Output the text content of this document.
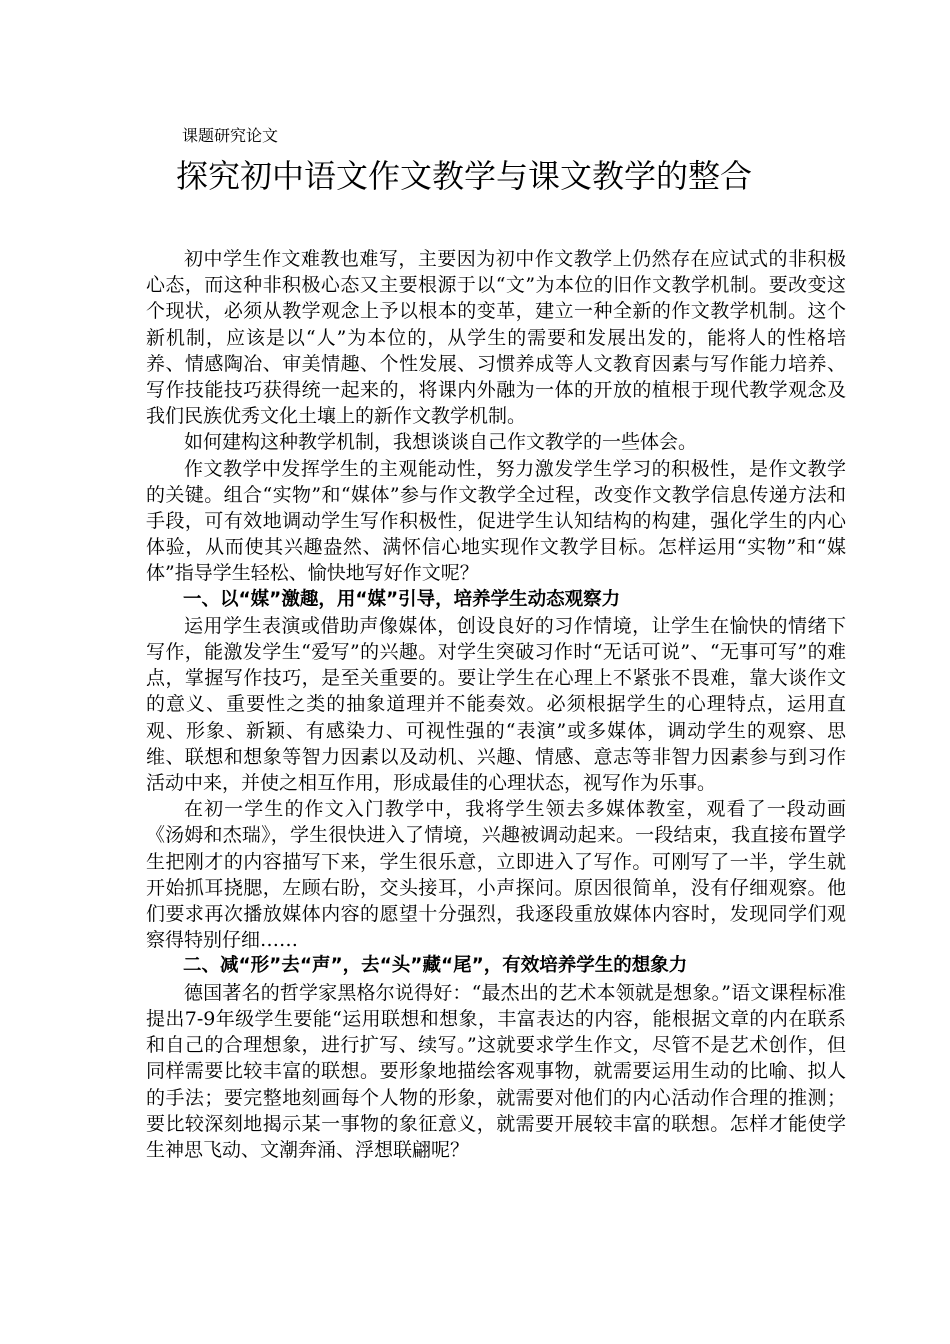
课题研究论文
探究初中语文作文教学与课文教学的整合

初中学生作文难教也难写，主要因为初中作文教学上仍然存在应试式的非积极心态，而这种非积极心态又主要根源于以“文”为本位的旧作文教学机制。要改变这个现状，必须从教学观念上予以根本的变革，建立一种全新的作文教学机制。这个新机制，应该是以“人”为本位的，从学生的需要和发展出发的，能将人的性格培养、情感陶冶、审美情趣、个性发展、习惯养成等人文教育因素与写作能力培养、写作技能技巧获得统一起来的，将课内外融为一体的开放的植根于现代教学观念及我们民族优秀文化土壤上的新作文教学机制。

如何建构这种教学机制，我想谈谈自己作文教学的一些体会。

作文教学中发挥学生的主观能动性，努力激发学生学习的积极性，是作文教学的关键。组合“实物”和“媒体”参与作文教学全过程，改变作文教学信息传递方法和手段，可有效地调动学生写作积极性，促进学生认知结构的构建，强化学生的内心体验，从而使其兴趣盎然、满怀信心地实现作文教学目标。怎样运用“实物”和“媒体”指导学生轻松、愉快地写好作文呢？

一、以“媒”激趣，用“媒”引导，培养学生动态观察力

运用学生表演或借助声像媒体，创设良好的习作情境，让学生在愉快的情绪下写作，能激发学生“爱写”的兴趣。对学生突破习作时“无话可说”、“无事可写”的难点，掌握写作技巧，是至关重要的。要让学生在心理上不紧张不畏难，靠大谈作文的意义、重要性之类的抽象道理并不能奏效。必须根据学生的心理特点，运用直观、形象、新颖、有感染力、可视性强的“表演”或多媒体，调动学生的观察、思维、联想和想象等智力因素以及动机、兴趣、情感、意志等非智力因素参与到习作活动中来，并使之相互作用，形成最佳的心理状态，视写作为乐事。

在初一学生的作文入门教学中，我将学生领去多媒体教室，观看了一段动画《汤姆和杰瑞》，学生很快进入了情境，兴趣被调动起来。一段结束，我直接布置学生把刚才的内容描写下来，学生很乐意，立即进入了写作。可刚写了一半，学生就开始抓耳挠腮，左顾右盼，交头接耳，小声探问。原因很简单，没有仔细观察。他们要求再次播放媒体内容的愿望十分强烈，我逐段重放媒体内容时，发现同学们观察得特别仔细……

二、减“形”去“声”，去“头”藏“尾”，有效培养学生的想象力

德国著名的哲学家黑格尔说得好：“最杰出的艺术本领就是想象。”语文课程标准提出7-9年级学生要能“运用联想和想象，丰富表达的内容，能根据文章的内在联系和自己的合理想象，进行扩写、续写。”这就要求学生作文，尽管不是艺术创作，但同样需要比较丰富的联想。要形象地描绘客观事物，就需要运用生动的比喻、拟人的手法；要完整地刻画每个人物的形象，就需要对他们的内心活动作合理的推测；要比较深刻地揭示某一事物的象征意义，就需要开展较丰富的联想。怎样才能使学生神思飞动、文潮奔涌、浮想联翩呢？
